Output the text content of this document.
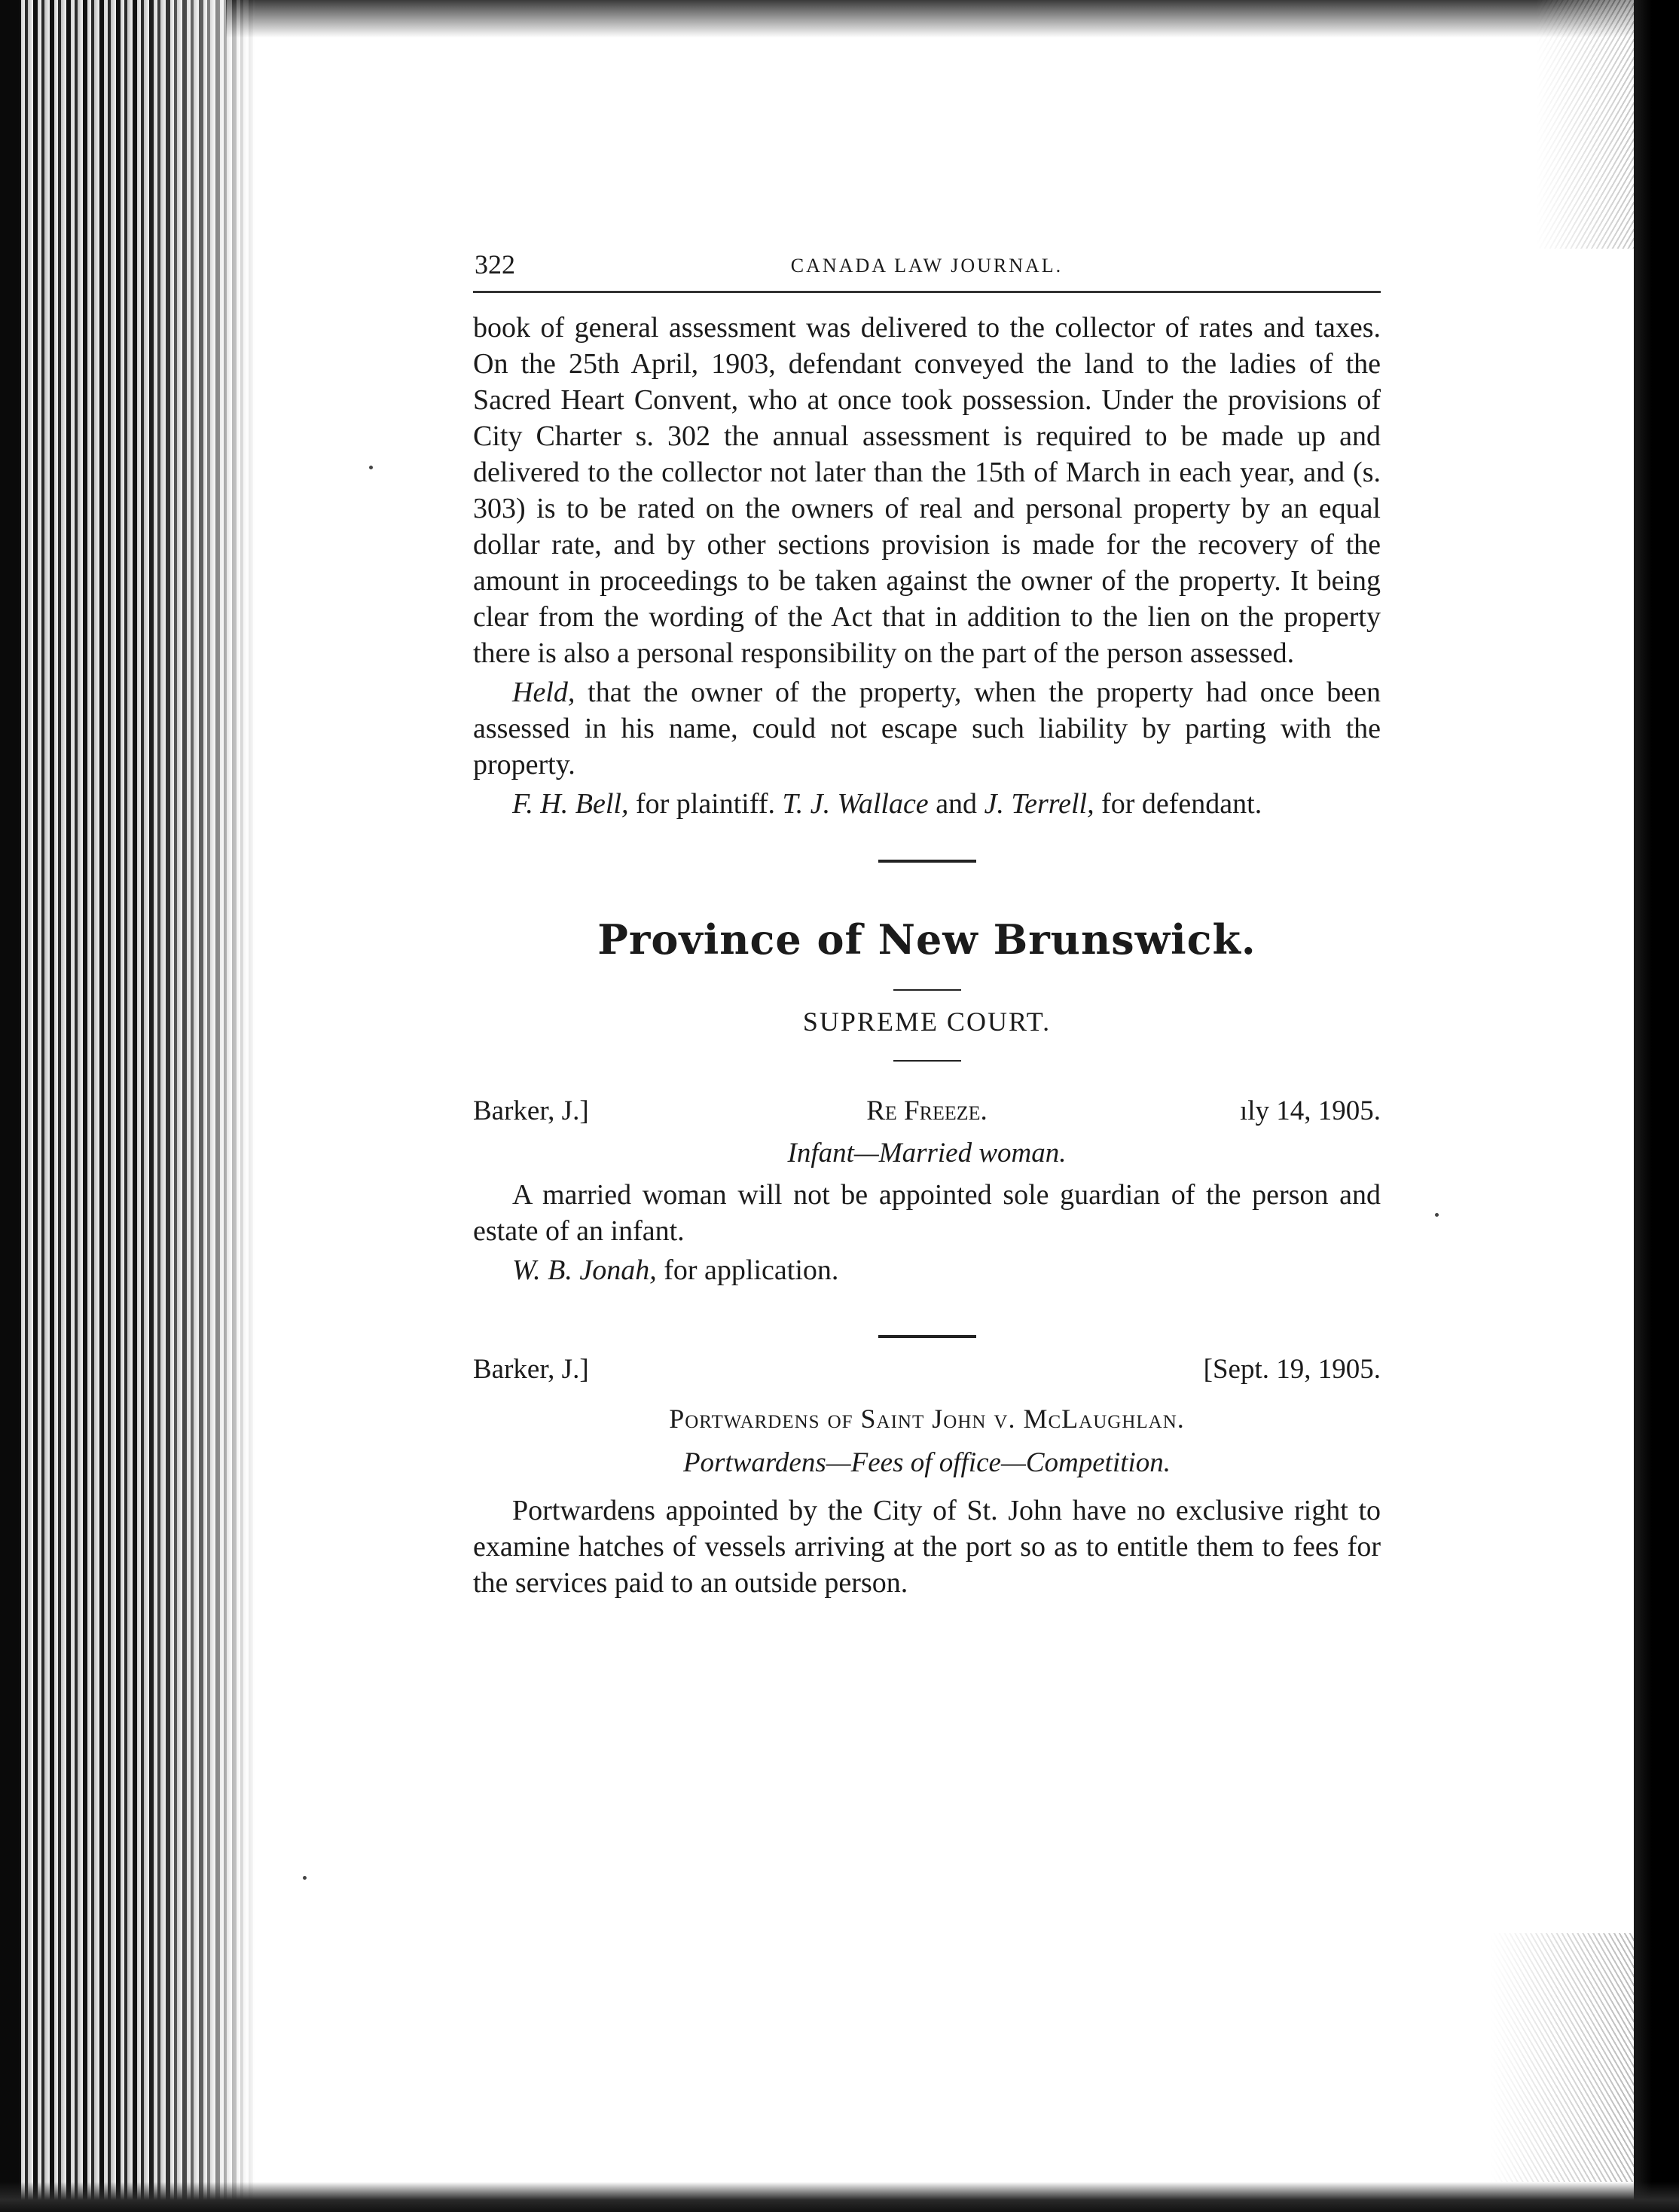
322	CANADA LAW JOURNAL.

book of general assessment was delivered to the collector of rates and taxes. On the 25th April, 1903, defendant conveyed the land to the ladies of the Sacred Heart Convent, who at once took possession. Under the provisions of City Charter s. 302 the annual assessment is required to be made up and delivered to the collector not later than the 15th of March in each year, and (s. 303) is to be rated on the owners of real and personal property by an equal dollar rate, and by other sections provision is made for the recovery of the amount in proceedings to be taken against the owner of the property. It being clear from the wording of the Act that in addition to the lien on the property there is also a personal responsibility on the part of the person assessed.

Held, that the owner of the property, when the property had once been assessed in his name, could not escape such liability by parting with the property.

F. H. Bell, for plaintiff. T. J. Wallace and J. Terrell, for defendant.

Province of New Brunswick.

SUPREME COURT.

Barker, J.]	Re Freeze.	ıly 14, 1905.

Infant—Married woman.

A married woman will not be appointed sole guardian of the person and estate of an infant.

W. B. Jonah, for application.

Barker, J.]	[Sept. 19, 1905.

Portwardens of Saint John v. McLaughlan.

Portwardens—Fees of office—Competition.

Portwardens appointed by the City of St. John have no exclusive right to examine hatches of vessels arriving at the port so as to entitle them to fees for the services paid to an outside person.
